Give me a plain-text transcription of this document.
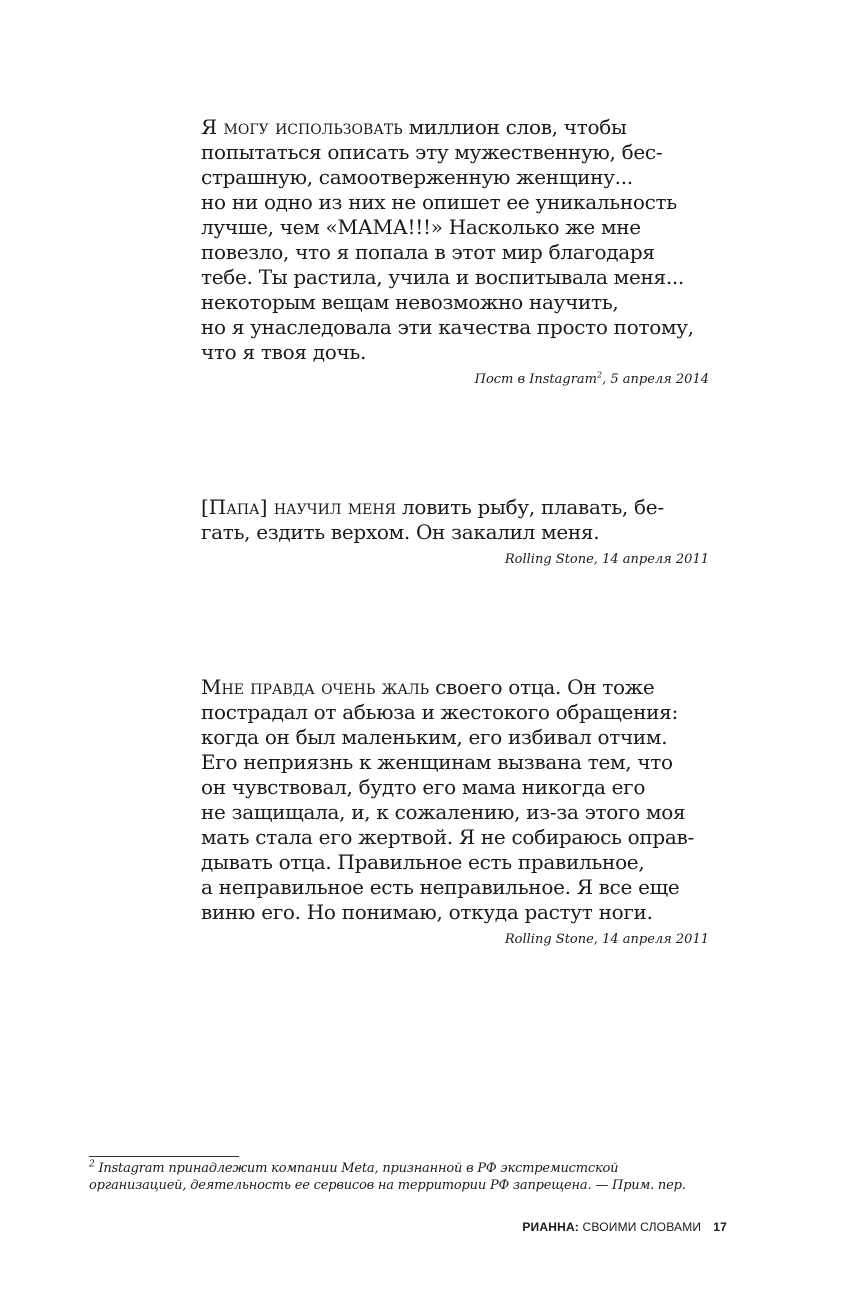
Я могу использовать миллион слов, чтобы
попытаться описать эту мужественную, бес-
страшную, самоотверженную женщину...
но ни одно из них не опишет ее уникальность
лучше, чем «МАМА!!!» Насколько же мне
повезло, что я попала в этот мир благодаря
тебе. Ты растила, учила и воспитывала меня...
некоторым вещам невозможно научить,
но я унаследовала эти качества просто потому,
что я твоя дочь.

Пост в Instagram$^2$, 5 апреля 2014

[Папа] научил меня ловить рыбу, плавать, бе-
гать, ездить верхом. Он закалил меня.

Rolling Stone, 14 апреля 2011

Мне правда очень жаль своего отца. Он тоже
пострадал от абьюза и жестокого обращения:
когда он был маленьким, его избивал отчим.
Его неприязнь к женщинам вызвана тем, что
он чувствовал, будто его мама никогда его
не защищала, и, к сожалению, из-за этого моя
мать стала его жертвой. Я не собираюсь оправ-
дывать отца. Правильное есть правильное,
а неправильное есть неправильное. Я все еще
виню его. Но понимаю, откуда растут ноги.

Rolling Stone, 14 апреля 2011
$^2$ Instagram принадлежит компании Meta, признанной в РФ экстремистской
организацией, деятельность ее сервисов на территории РФ запрещена. — Прим. пер.
РИАННА: СВОИМИ СЛОВАМИ 17
